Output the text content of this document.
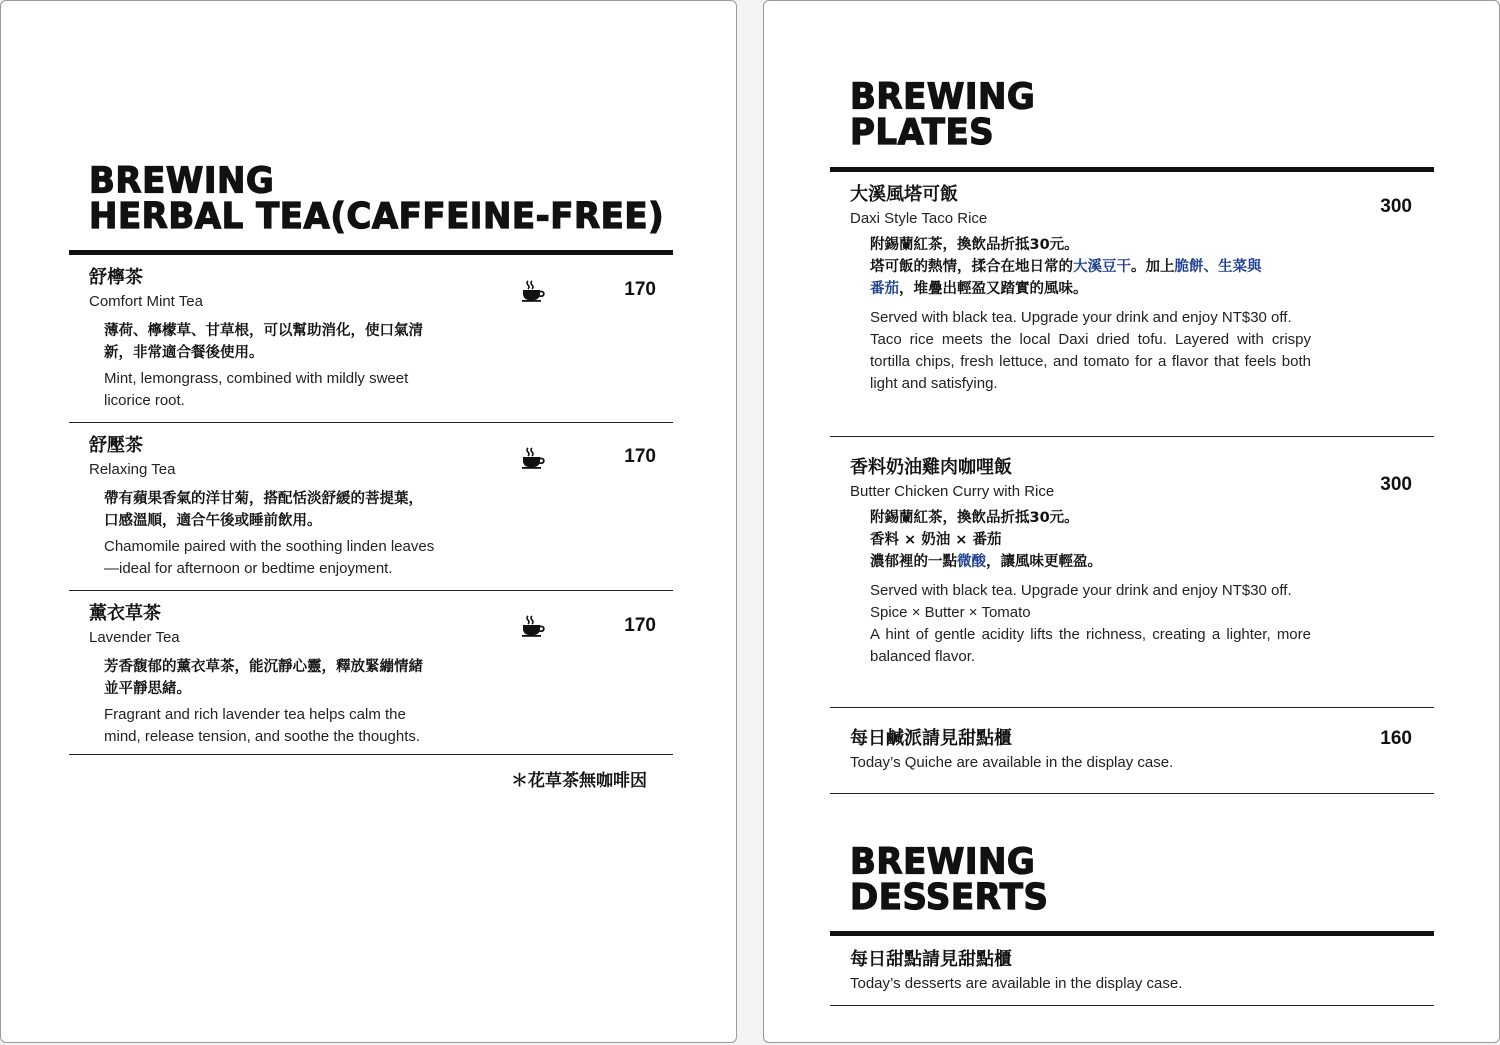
BREWING
HERBAL TEA(CAFFEINE-FREE)
舒檸茶
Comfort Mint Tea
薄荷、檸檬草、甘草根，可以幫助消化，使口氣清
新，非常適合餐後使用。
Mint, lemongrass, combined with mildly sweet
licorice root.
170
舒壓茶
Relaxing Tea
帶有蘋果香氣的洋甘菊，搭配恬淡舒緩的菩提葉，
口感溫順，適合午後或睡前飲用。
Chamomile paired with the soothing linden leaves
—ideal for afternoon or bedtime enjoyment.
170
薰衣草茶
Lavender Tea
芳香馥郁的薰衣草茶，能沉靜心靈，釋放緊繃情緒
並平靜思緒。
Fragrant and rich lavender tea helps calm the
mind, release tension, and soothe the thoughts.
170
＊花草茶無咖啡因
BREWING
PLATES
大溪風塔可飯
Daxi Style Taco Rice
附錫蘭紅茶，換飲品折抵30元。
塔可飯的熱情，揉合在地日常的大溪豆干。加上脆餅、生菜與
番茄，堆疊出輕盈又踏實的風味。
Served with black tea. Upgrade your drink and enjoy NT$30 off.
Taco rice meets the local Daxi dried tofu. Layered with crispy tortilla chips, fresh lettuce, and tomato for a flavor that feels both light and satisfying.
300
香料奶油雞肉咖哩飯
Butter Chicken Curry with Rice
附錫蘭紅茶，換飲品折抵30元。
香料 × 奶油 × 番茄
濃郁裡的一點微酸，讓風味更輕盈。
Served with black tea. Upgrade your drink and enjoy NT$30 off.
Spice × Butter × Tomato
A hint of gentle acidity lifts the richness, creating a lighter, more balanced flavor.
300
每日鹹派請見甜點櫃
Today’s Quiche are available in the display case.
160
BREWING
DESSERTS
每日甜點請見甜點櫃
Today’s desserts are available in the display case.
